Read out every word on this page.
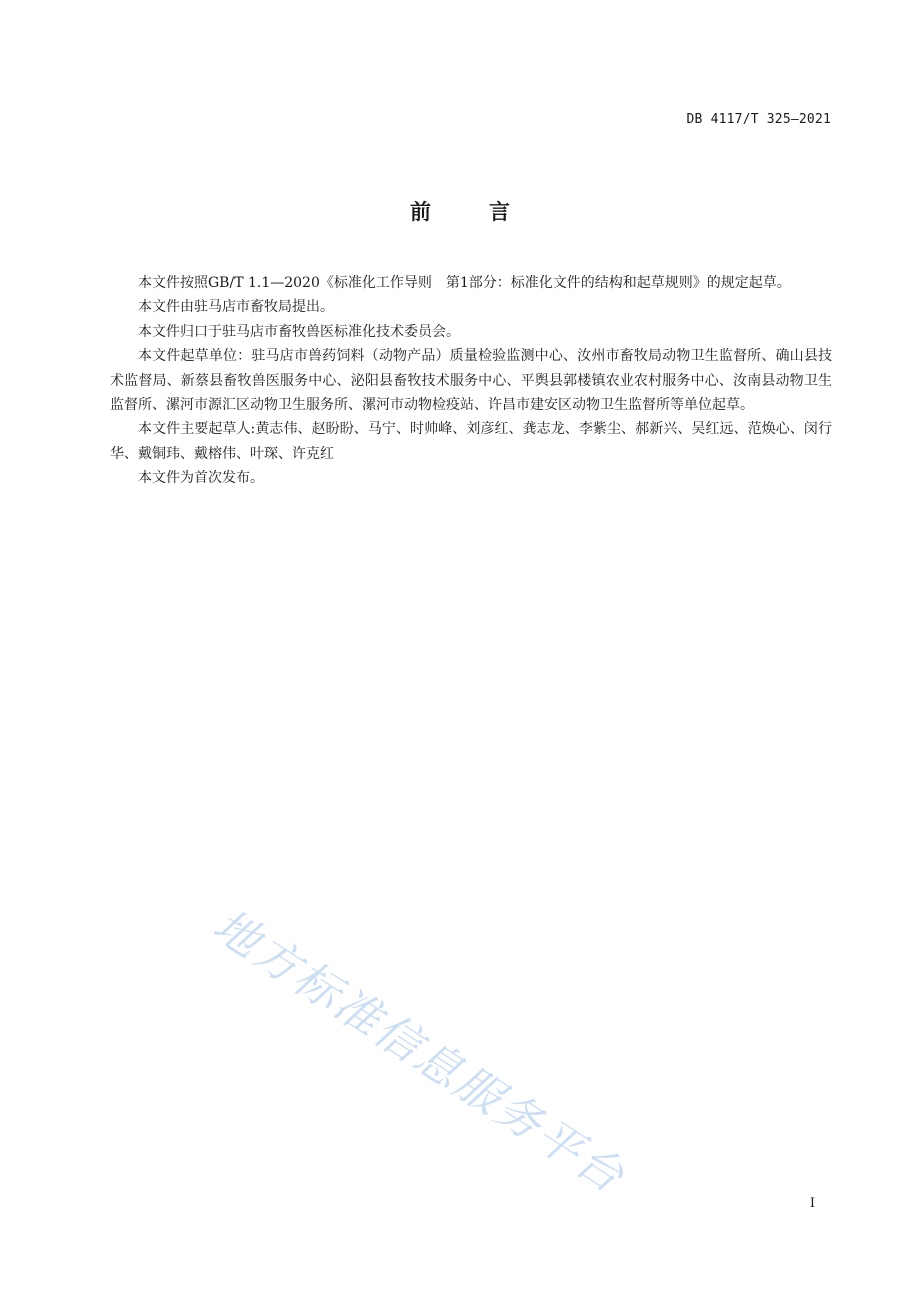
DB 4117/T 325—2021
前	言

本文件按照GB/T 1.1—2020《标准化工作导则　第1部分：标准化文件的结构和起草规则》的规定起草。

本文件由驻马店市畜牧局提出。

本文件归口于驻马店市畜牧兽医标准化技术委员会。

本文件起草单位：驻马店市兽药饲料（动物产品）质量检验监测中心、汝州市畜牧局动物卫生监督所、确山县技术监督局、新蔡县畜牧兽医服务中心、泌阳县畜牧技术服务中心、平舆县郭楼镇农业农村服务中心、汝南县动物卫生监督所、漯河市源汇区动物卫生服务所、漯河市动物检疫站、许昌市建安区动物卫生监督所等单位起草。

本文件主要起草人:黄志伟、赵盼盼、马宁、时帅峰、刘彦红、龚志龙、李紫尘、郝新兴、吴红远、范焕心、闵行华、戴铜玮、戴榕伟、叶琛、许克红

本文件为首次发布。

地方标准信息服务平台	I
